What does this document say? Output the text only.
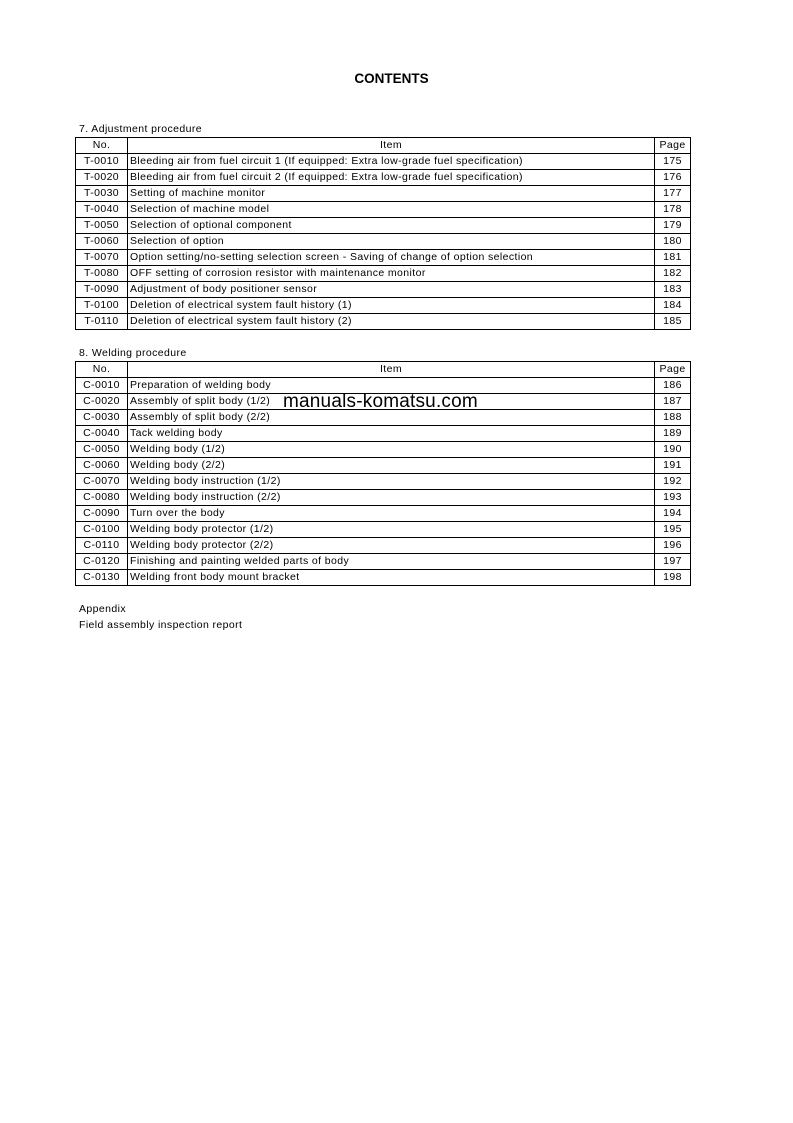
CONTENTS
7. Adjustment procedure
No.	Item	Page
T-0010	Bleeding air from fuel circuit 1 (If equipped: Extra low-grade fuel specification)	175
T-0020	Bleeding air from fuel circuit 2 (If equipped: Extra low-grade fuel specification)	176
T-0030	Setting of machine monitor	177
T-0040	Selection of machine model	178
T-0050	Selection of optional component	179
T-0060	Selection of option	180
T-0070	Option setting/no-setting selection screen - Saving of change of option selection	181
T-0080	OFF setting of corrosion resistor with maintenance monitor	182
T-0090	Adjustment of body positioner sensor	183
T-0100	Deletion of electrical system fault history (1)	184
T-0110	Deletion of electrical system fault history (2)	185
8. Welding procedure
No.	Item	Page
C-0010	Preparation of welding body	186
C-0020	Assembly of split body (1/2)	187
C-0030	Assembly of split body (2/2)	188
C-0040	Tack welding body	189
C-0050	Welding body (1/2)	190
C-0060	Welding body (2/2)	191
C-0070	Welding body instruction (1/2)	192
C-0080	Welding body instruction (2/2)	193
C-0090	Turn over the body	194
C-0100	Welding body protector (1/2)	195
C-0110	Welding body protector (2/2)	196
C-0120	Finishing and painting welded parts of body	197
C-0130	Welding front body mount bracket	198
Appendix
Field assembly inspection report
manuals-komatsu.com
